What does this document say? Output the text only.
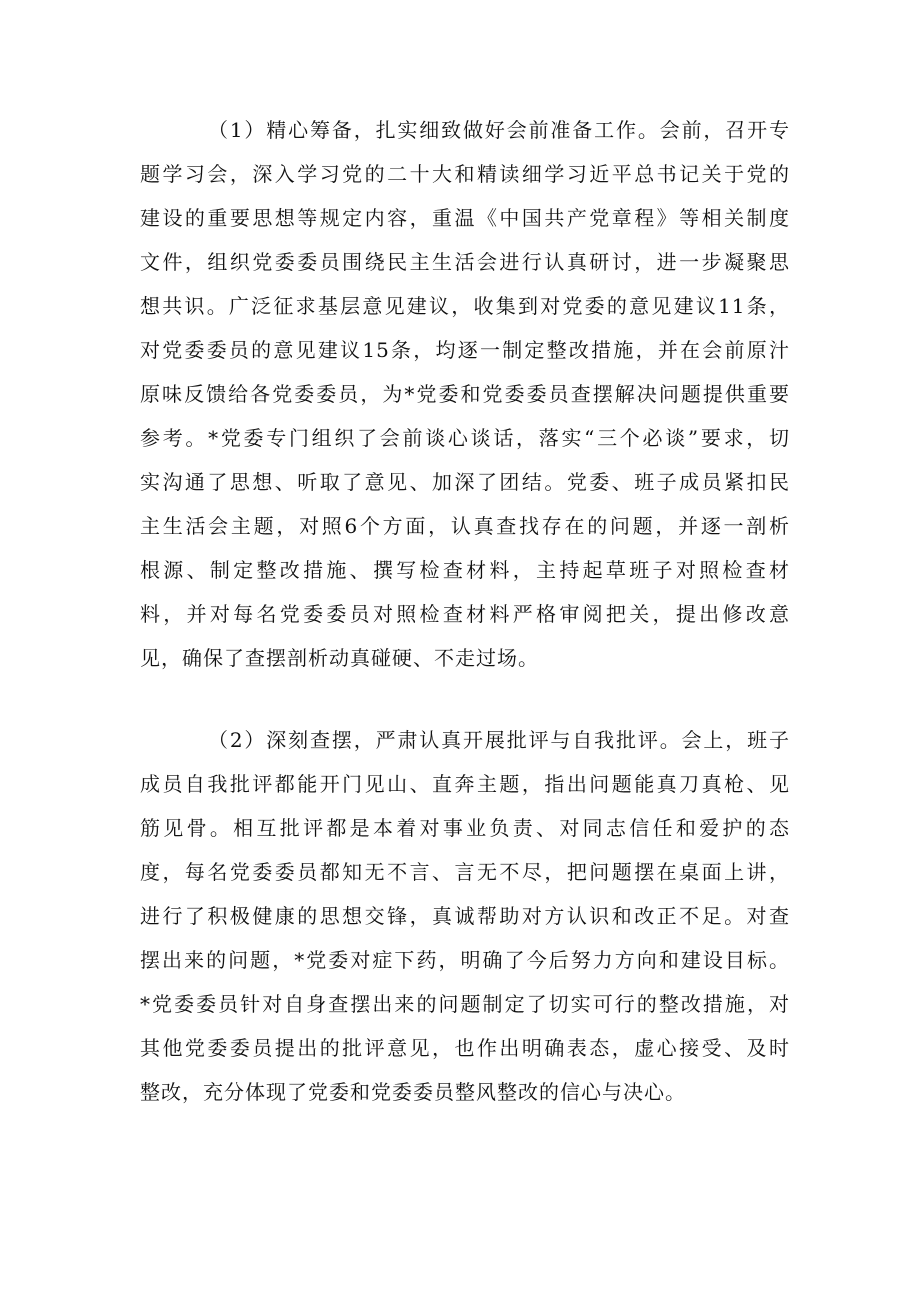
（1）精心筹备，扎实细致做好会前准备工作。会前，召开专
题学习会，深入学习党的二十大和精读细学习近平总书记关于党的
建设的重要思想等规定内容，重温《中国共产党章程》等相关制度
文件，组织党委委员围绕民主生活会进行认真研讨，进一步凝聚思
想共识。广泛征求基层意见建议，收集到对党委的意见建议11条，
对党委委员的意见建议15条，均逐一制定整改措施，并在会前原汁
原味反馈给各党委委员，为*党委和党委委员查摆解决问题提供重要
参考。*党委专门组织了会前谈心谈话，落实“三个必谈”要求，切
实沟通了思想、听取了意见、加深了团结。党委、班子成员紧扣民
主生活会主题，对照6个方面，认真查找存在的问题，并逐一剖析
根源、制定整改措施、撰写检查材料，主持起草班子对照检查材
料，并对每名党委委员对照检查材料严格审阅把关，提出修改意
见，确保了查摆剖析动真碰硬、不走过场。
（2）深刻查摆，严肃认真开展批评与自我批评。会上，班子
成员自我批评都能开门见山、直奔主题，指出问题能真刀真枪、见
筋见骨。相互批评都是本着对事业负责、对同志信任和爱护的态
度，每名党委委员都知无不言、言无不尽，把问题摆在桌面上讲，
进行了积极健康的思想交锋，真诚帮助对方认识和改正不足。对查
摆出来的问题，*党委对症下药，明确了今后努力方向和建设目标。
*党委委员针对自身查摆出来的问题制定了切实可行的整改措施，对
其他党委委员提出的批评意见，也作出明确表态，虚心接受、及时
整改，充分体现了党委和党委委员整风整改的信心与决心。
